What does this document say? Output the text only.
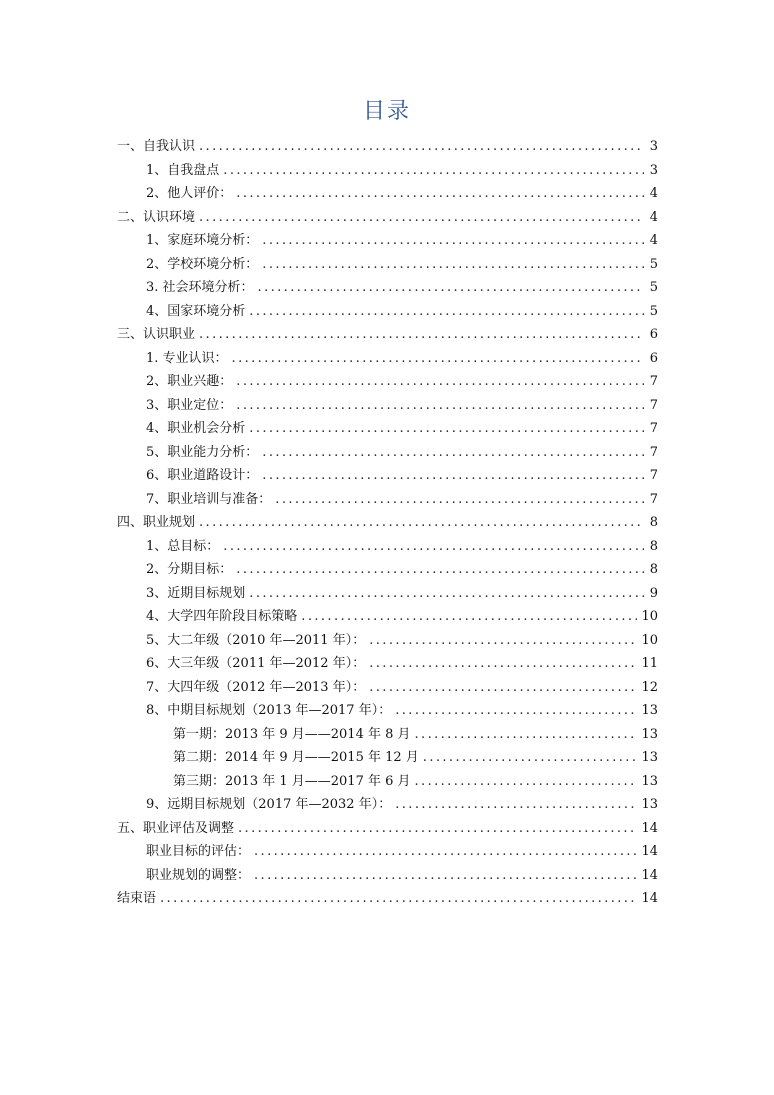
目录
一、自我认识 .....	3
1、自我盘点 .....	3
2、他人评价： .....	4
二、认识环境 .....	4
1、家庭环境分析： .....	4
2、学校环境分析： .....	5
3. 社会环境分析： .....	5
4、国家环境分析 .....	5
三、认识职业 .....	6
1. 专业认识： .....	6
2、职业兴趣： .....	7
3、职业定位： .....	7
4、职业机会分析 .....	7
5、职业能力分析： .....	7
6、职业道路设计： .....	7
7、职业培训与准备： .....	7
四、职业规划 .....	8
1、总目标： .....	8
2、分期目标： .....	8
3、近期目标规划 .....	9
4、大学四年阶段目标策略 .....	10
5、大二年级（2010 年—2011 年）： .....	10
6、大三年级（2011 年—2012 年）： .....	11
7、大四年级（2012 年—2013 年）： .....	12
8、中期目标规划（2013 年—2017 年）： .....	13
第一期：2013 年 9 月——2014 年 8 月 .....	13
第二期：2014 年 9 月——2015 年 12 月 .....	13
第三期：2013 年 1 月——2017 年 6 月 .....	13
9、远期目标规划（2017 年—2032 年）： .....	13
五、职业评估及调整 .....	14
职业目标的评估： .....	14
职业规划的调整： .....	14
结束语 .....	14
